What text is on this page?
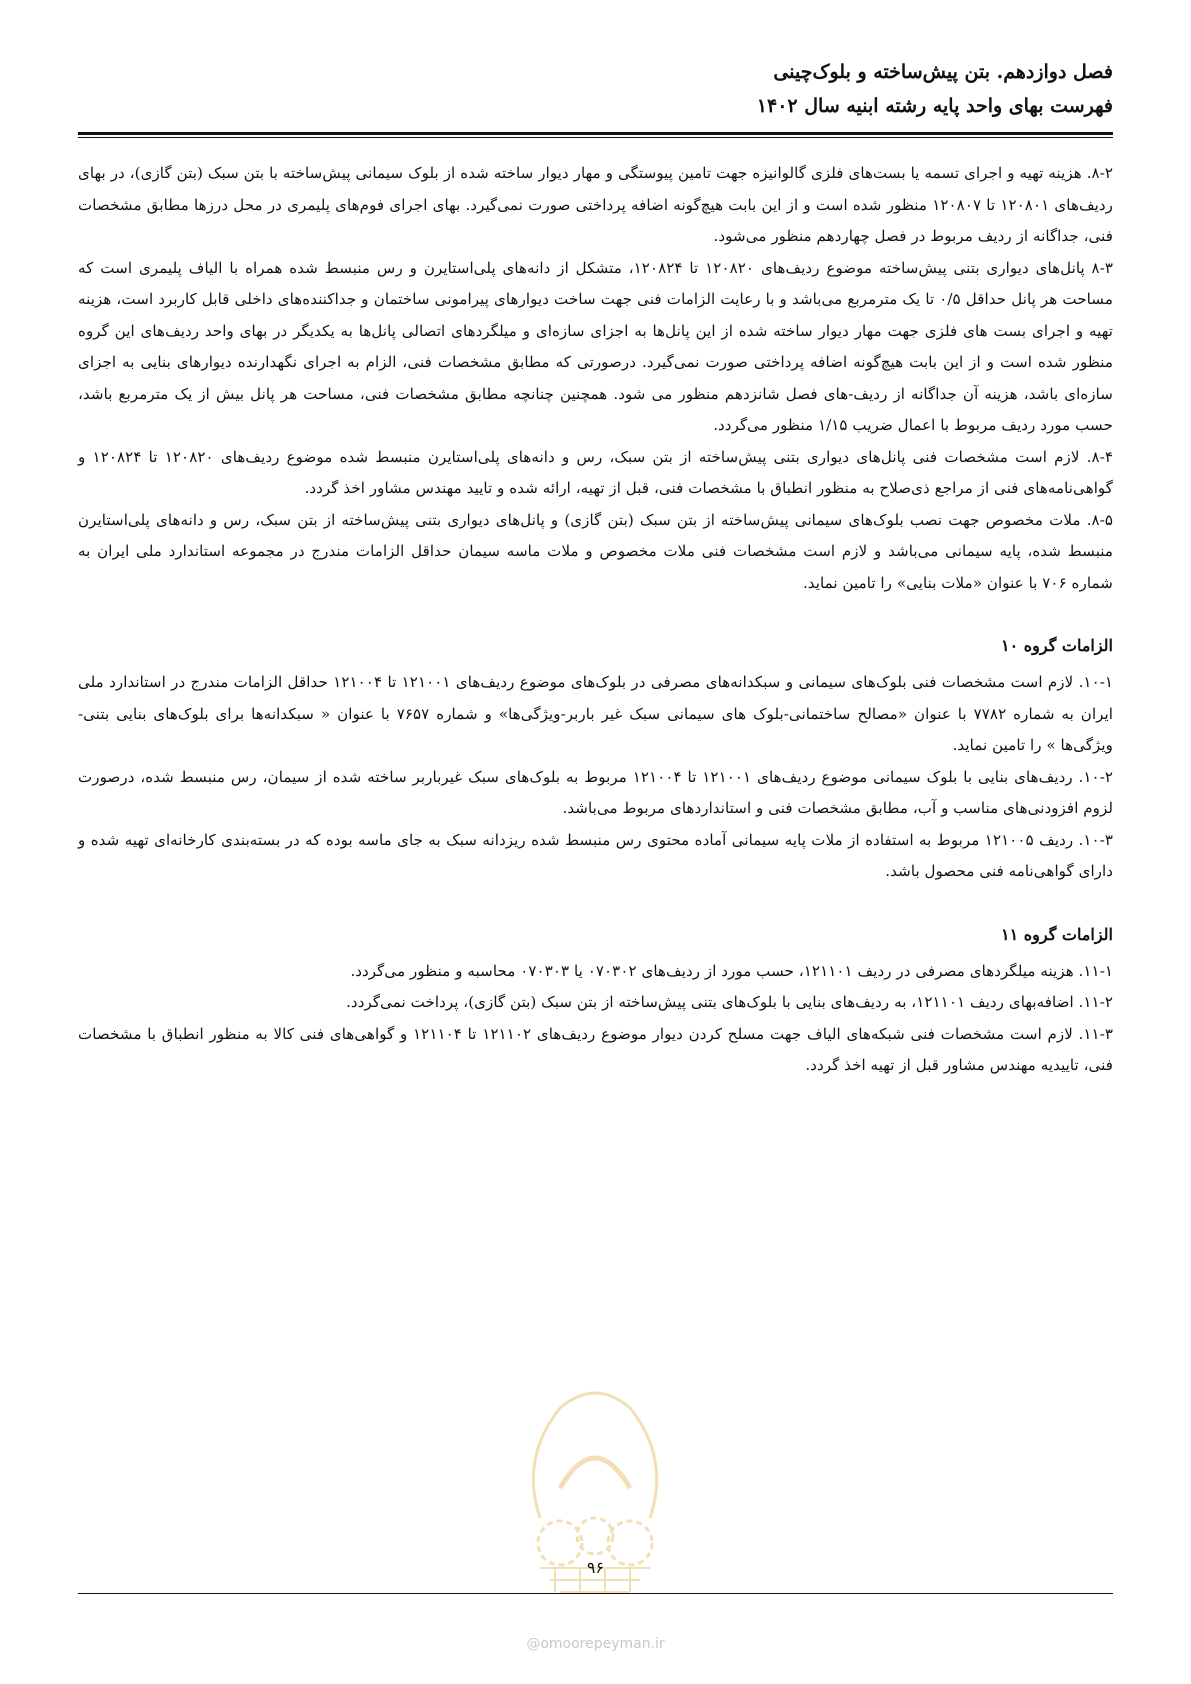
فصل دوازدهم. بتن پیش‌ساخته و بلوک‌چینی

فهرست بهای واحد پایه رشته ابنیه سال ۱۴۰۲

۸-۲. هزینه تهیه و اجرای تسمه یا بست‌های فلزی گالوانیزه جهت تامین پیوستگی و مهار دیوار ساخته شده از بلوک سیمانی پیش‌ساخته با بتن سبک (بتن گازی)، در بهای ردیف‌های ۱۲۰۸۰۱ تا ۱۲۰۸۰۷ منظور شده است و از این بابت هیچ‌گونه اضافه پرداختی صورت نمی‌گیرد. بهای اجرای فوم‌های پلیمری در محل درزها مطابق مشخصات فنی، جداگانه از ردیف مربوط در فصل چهاردهم منظور می‌شود.

۸-۳ پانل‌های دیواری بتنی پیش‌ساخته موضوع ردیف‌های ۱۲۰۸۲۰ تا ۱۲۰۸۲۴، متشکل از دانه‌های پلی‌استایرن و رس منبسط شده همراه با الیاف پلیمری است که مساحت هر پانل حداقل ۰/۵ تا یک مترمربع می‌باشد و با رعایت الزامات فنی جهت ساخت دیوارهای پیرامونی ساختمان و جداکننده‌های داخلی قابل کاربرد است، هزینه تهیه و اجرای بست های فلزی جهت مهار دیوار ساخته شده از این پانل‌ها به اجزای سازه‌ای و میلگردهای اتصالی پانل‌ها به یکدیگر در بهای واحد ردیف‌های این گروه منظور شده است و از این بابت هیچ‌گونه اضافه پرداختی صورت نمی‌گیرد. درصورتی که مطابق مشخصات فنی، الزام به اجرای نگهدارنده دیوارهای بنایی به اجزای سازه‌ای باشد، هزینه آن جداگانه از ردیف-های فصل شانزدهم منظور می شود. همچنین چنانچه مطابق مشخصات فنی، مساحت هر پانل بیش از یک مترمربع باشد، حسب مورد ردیف مربوط با اعمال ضریب ۱/۱۵ منظور می‌گردد.

۸-۴. لازم است مشخصات فنی پانل‌های دیواری بتنی پیش‌ساخته از بتن سبک، رس و دانه‌های پلی‌استایرن منبسط شده موضوع ردیف‌های ۱۲۰۸۲۰ تا ۱۲۰۸۲۴ و گواهی‌نامه‌های فنی از مراجع ذی‌صلاح به منظور انطباق با مشخصات فنی، قبل از تهیه، ارائه شده و تایید مهندس مشاور اخذ گردد.

۸-۵. ملات مخصوص جهت نصب بلوک‌های سیمانی پیش‌ساخته از بتن سبک (بتن گازی) و پانل‌های دیواری بتنی پیش‌ساخته از بتن سبک، رس و دانه‌های پلی‌استایرن منبسط شده، پایه سیمانی می‌باشد و لازم است مشخصات فنی ملات مخصوص و ملات ماسه سیمان حداقل الزامات مندرج در مجموعه استاندارد ملی ایران به شماره ۷۰۶ با عنوان «ملات بنایی» را تامین نماید.

الزامات گروه ۱۰

۱۰-۱. لازم است مشخصات فنی بلوک‌های سیمانی و سبکدانه‌های مصرفی در بلوک‌های موضوع ردیف‌های ۱۲۱۰۰۱ تا ۱۲۱۰۰۴ حداقل الزامات مندرج در استاندارد ملی ایران به شماره ۷۷۸۲ با عنوان «مصالح ساختمانی-بلوک های سیمانی سبک غیر باربر-ویژگی‌ها» و شماره ۷۶۵۷ با عنوان « سبکدانه‌ها برای بلوک‌های بنایی بتنی-ویژگی‌ها » را تامین نماید.

۱۰-۲. ردیف‌های بنایی با بلوک سیمانی موضوع ردیف‌های ۱۲۱۰۰۱ تا ۱۲۱۰۰۴ مربوط به بلوک‌های سبک غیرباربر ساخته شده از سیمان، رس منبسط شده، درصورت لزوم افزودنی‌های مناسب و آب، مطابق مشخصات فنی و استانداردهای مربوط می‌باشد.

۱۰-۳. ردیف ۱۲۱۰۰۵ مربوط به استفاده از ملات پایه سیمانی آماده محتوی رس منبسط شده ریزدانه سبک به جای ماسه بوده که در بسته‌بندی کارخانه‌ای تهیه شده و دارای گواهی‌نامه فنی محصول باشد.

الزامات گروه ۱۱

۱۱-۱. هزینه میلگردهای مصرفی در ردیف ۱۲۱۱۰۱، حسب مورد از ردیف‌های ۰۷۰۳۰۲ یا ۰۷۰۳۰۳ محاسبه و منظور می‌گردد.

۱۱-۲. اضافه‌بهای ردیف ۱۲۱۱۰۱، به ردیف‌های بنایی با بلوک‌های بتنی پیش‌ساخته از بتن سبک (بتن گازی)، پرداخت نمی‌گردد.

۱۱-۳. لازم است مشخصات فنی شبکه‌های الیاف جهت مسلح کردن دیوار موضوع ردیف‌های ۱۲۱۱۰۲ تا ۱۲۱۱۰۴ و گواهی‌های فنی کالا به منظور انطباق با مشخصات فنی، تاییدیه مهندس مشاور قبل از تهیه اخذ گردد.

۹۶
@omoorepeyman.ir
